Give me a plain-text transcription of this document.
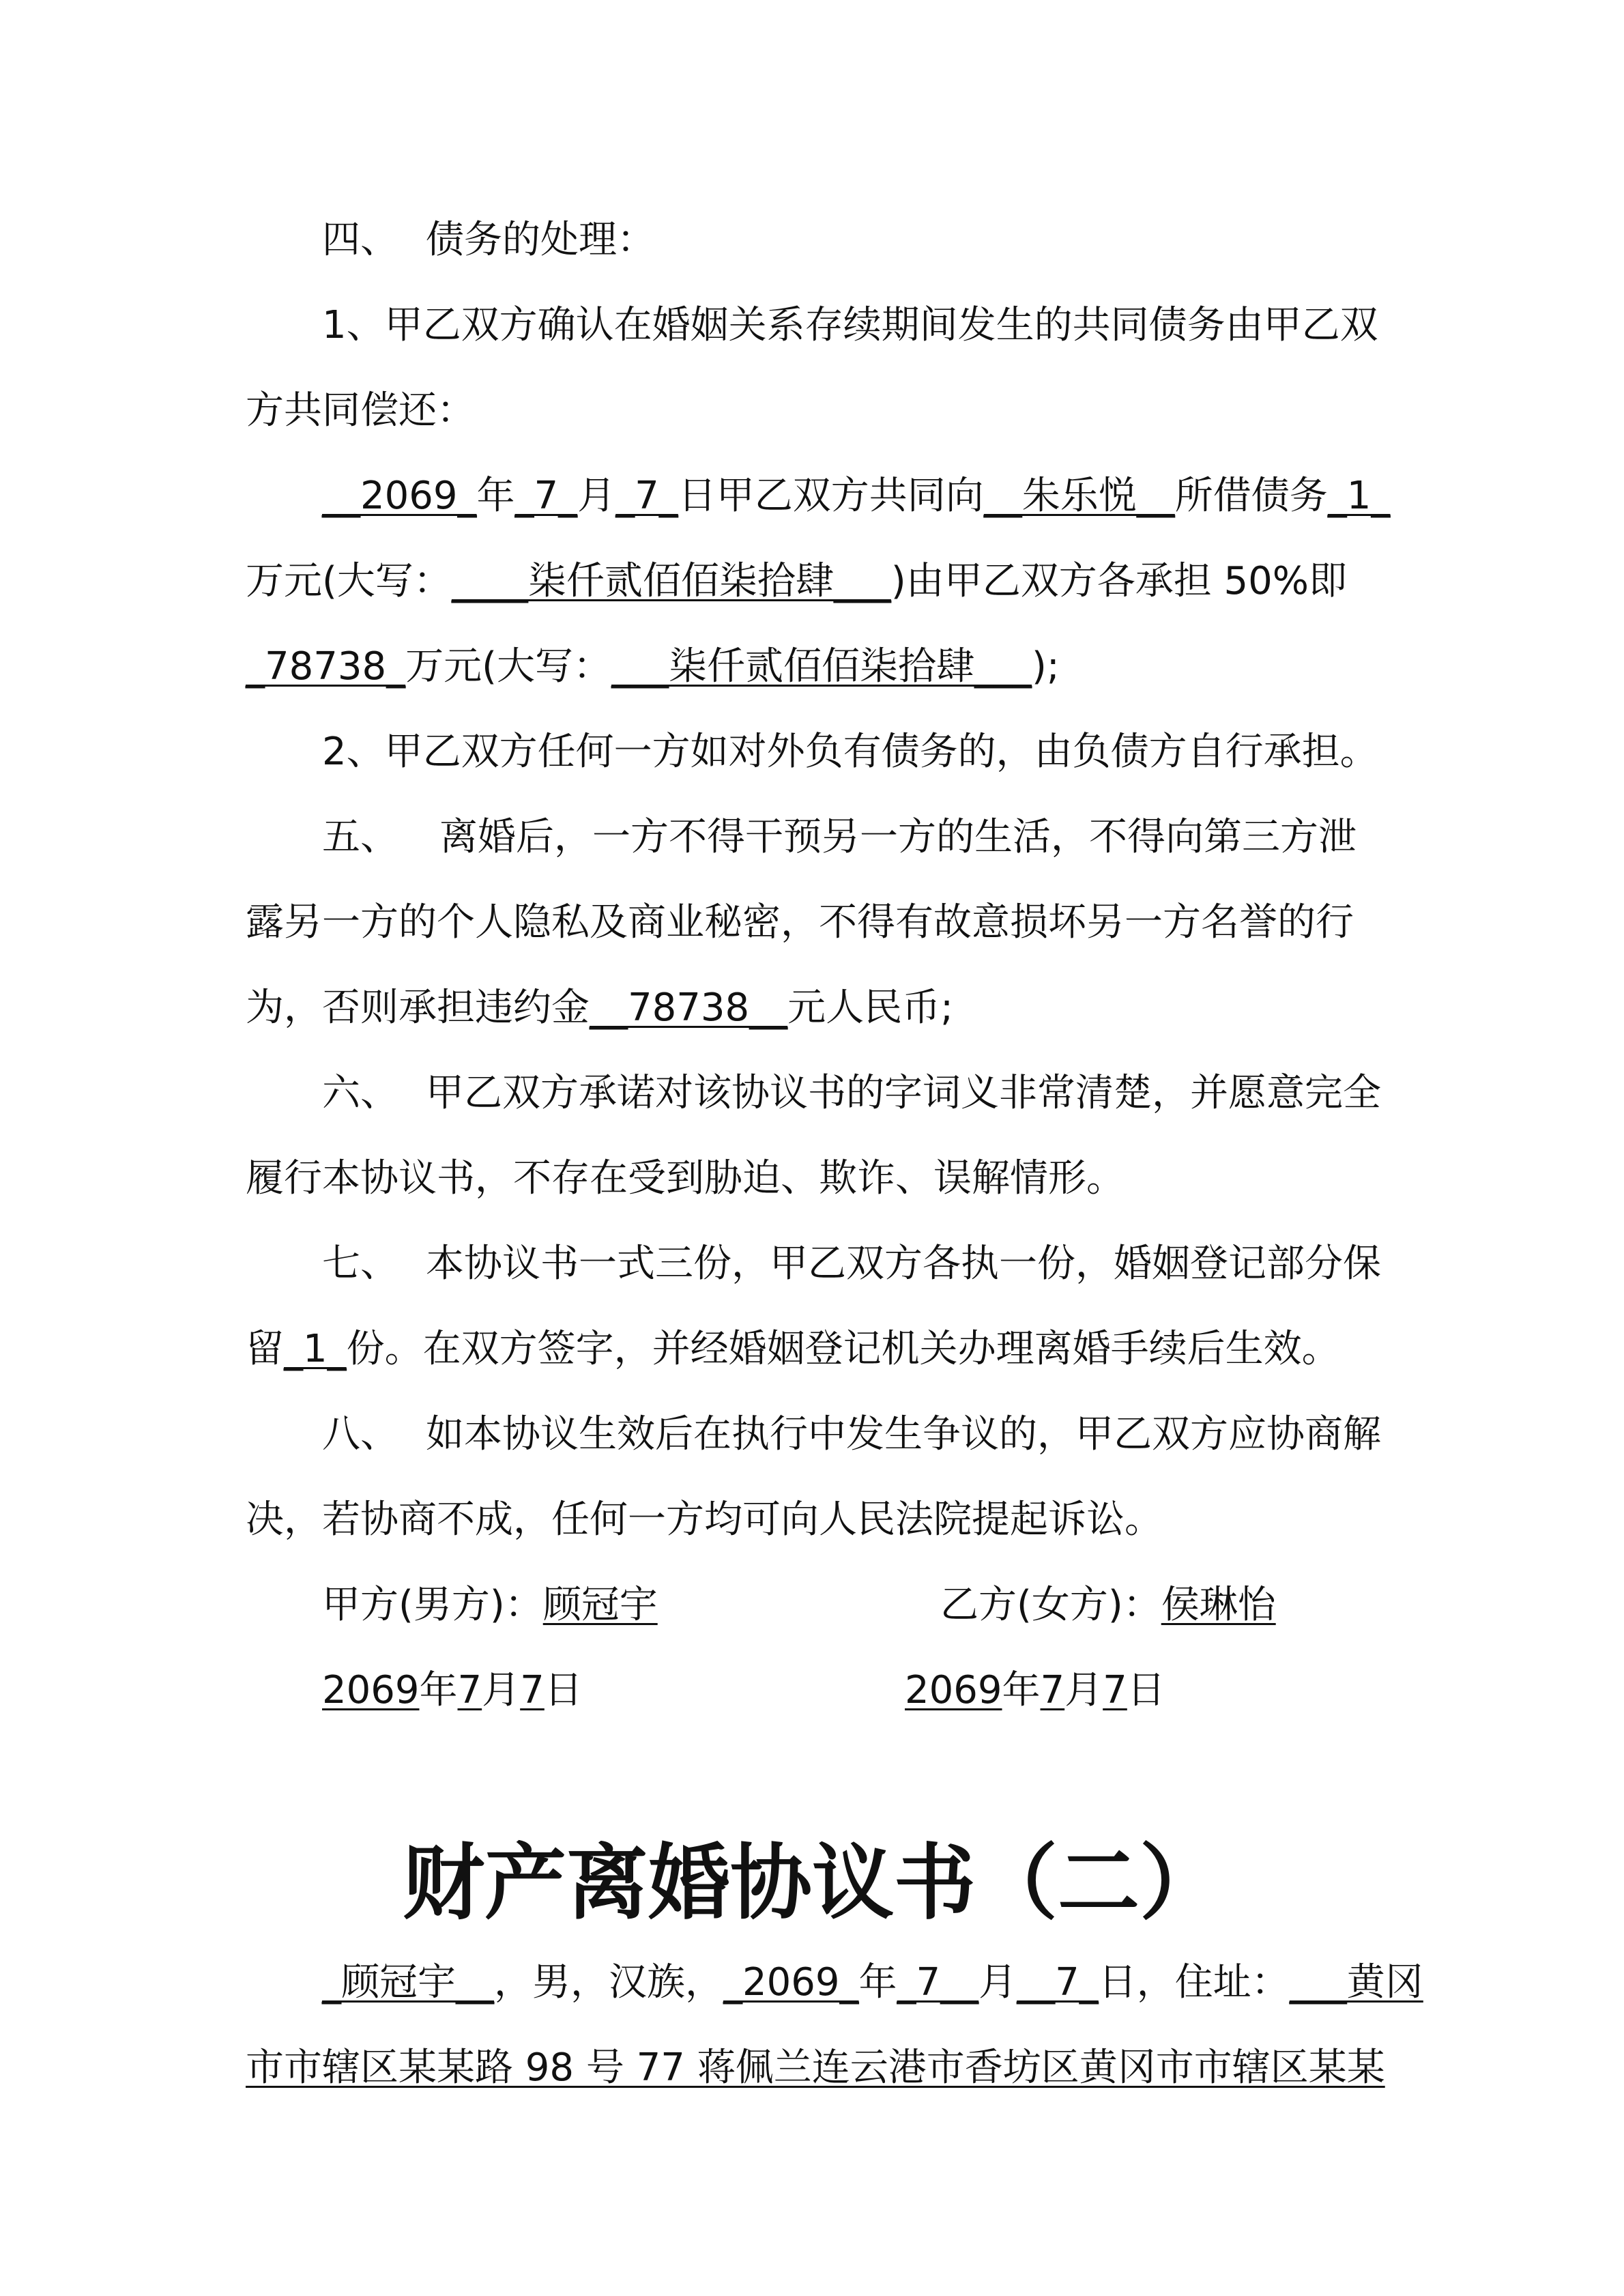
四、 债务的处理：
1、甲乙双方确认在婚姻关系存续期间发生的共同债务由甲乙双
方共同偿还：
__2069_年_7_月_7_日甲乙双方共同向__朱乐悦__所借债务_1_
万元(大写：____柒仟贰佰佰柒拾肆___)由甲乙双方各承担 50%即
_78738_万元(大写：___柒仟贰佰佰柒拾肆___);
2、甲乙双方任何一方如对外负有债务的，由负债方自行承担。
五、 离婚后，一方不得干预另一方的生活，不得向第三方泄
露另一方的个人隐私及商业秘密，不得有故意损坏另一方名誉的行
为，否则承担违约金__78738__元人民币;
六、 甲乙双方承诺对该协议书的字词义非常清楚，并愿意完全
履行本协议书，不存在受到胁迫、欺诈、误解情形。
七、 本协议书一式三份，甲乙双方各执一份，婚姻登记部分保
留_1_份。在双方签字，并经婚姻登记机关办理离婚手续后生效。
八、 如本协议生效后在执行中发生争议的，甲乙双方应协商解
决，若协商不成，任何一方均可向人民法院提起诉讼。
甲方(男方)：顾冠宇	乙方(女方)：侯琳怡
2069年7月7日	2069年7月7日
财产离婚协议书（二）
_顾冠宇__，男，汉族，_2069_年_7__月__7_日，住址：___黄冈
市市辖区某某路 98 号 77 蒋佩兰连云港市香坊区黄冈市市辖区某某
